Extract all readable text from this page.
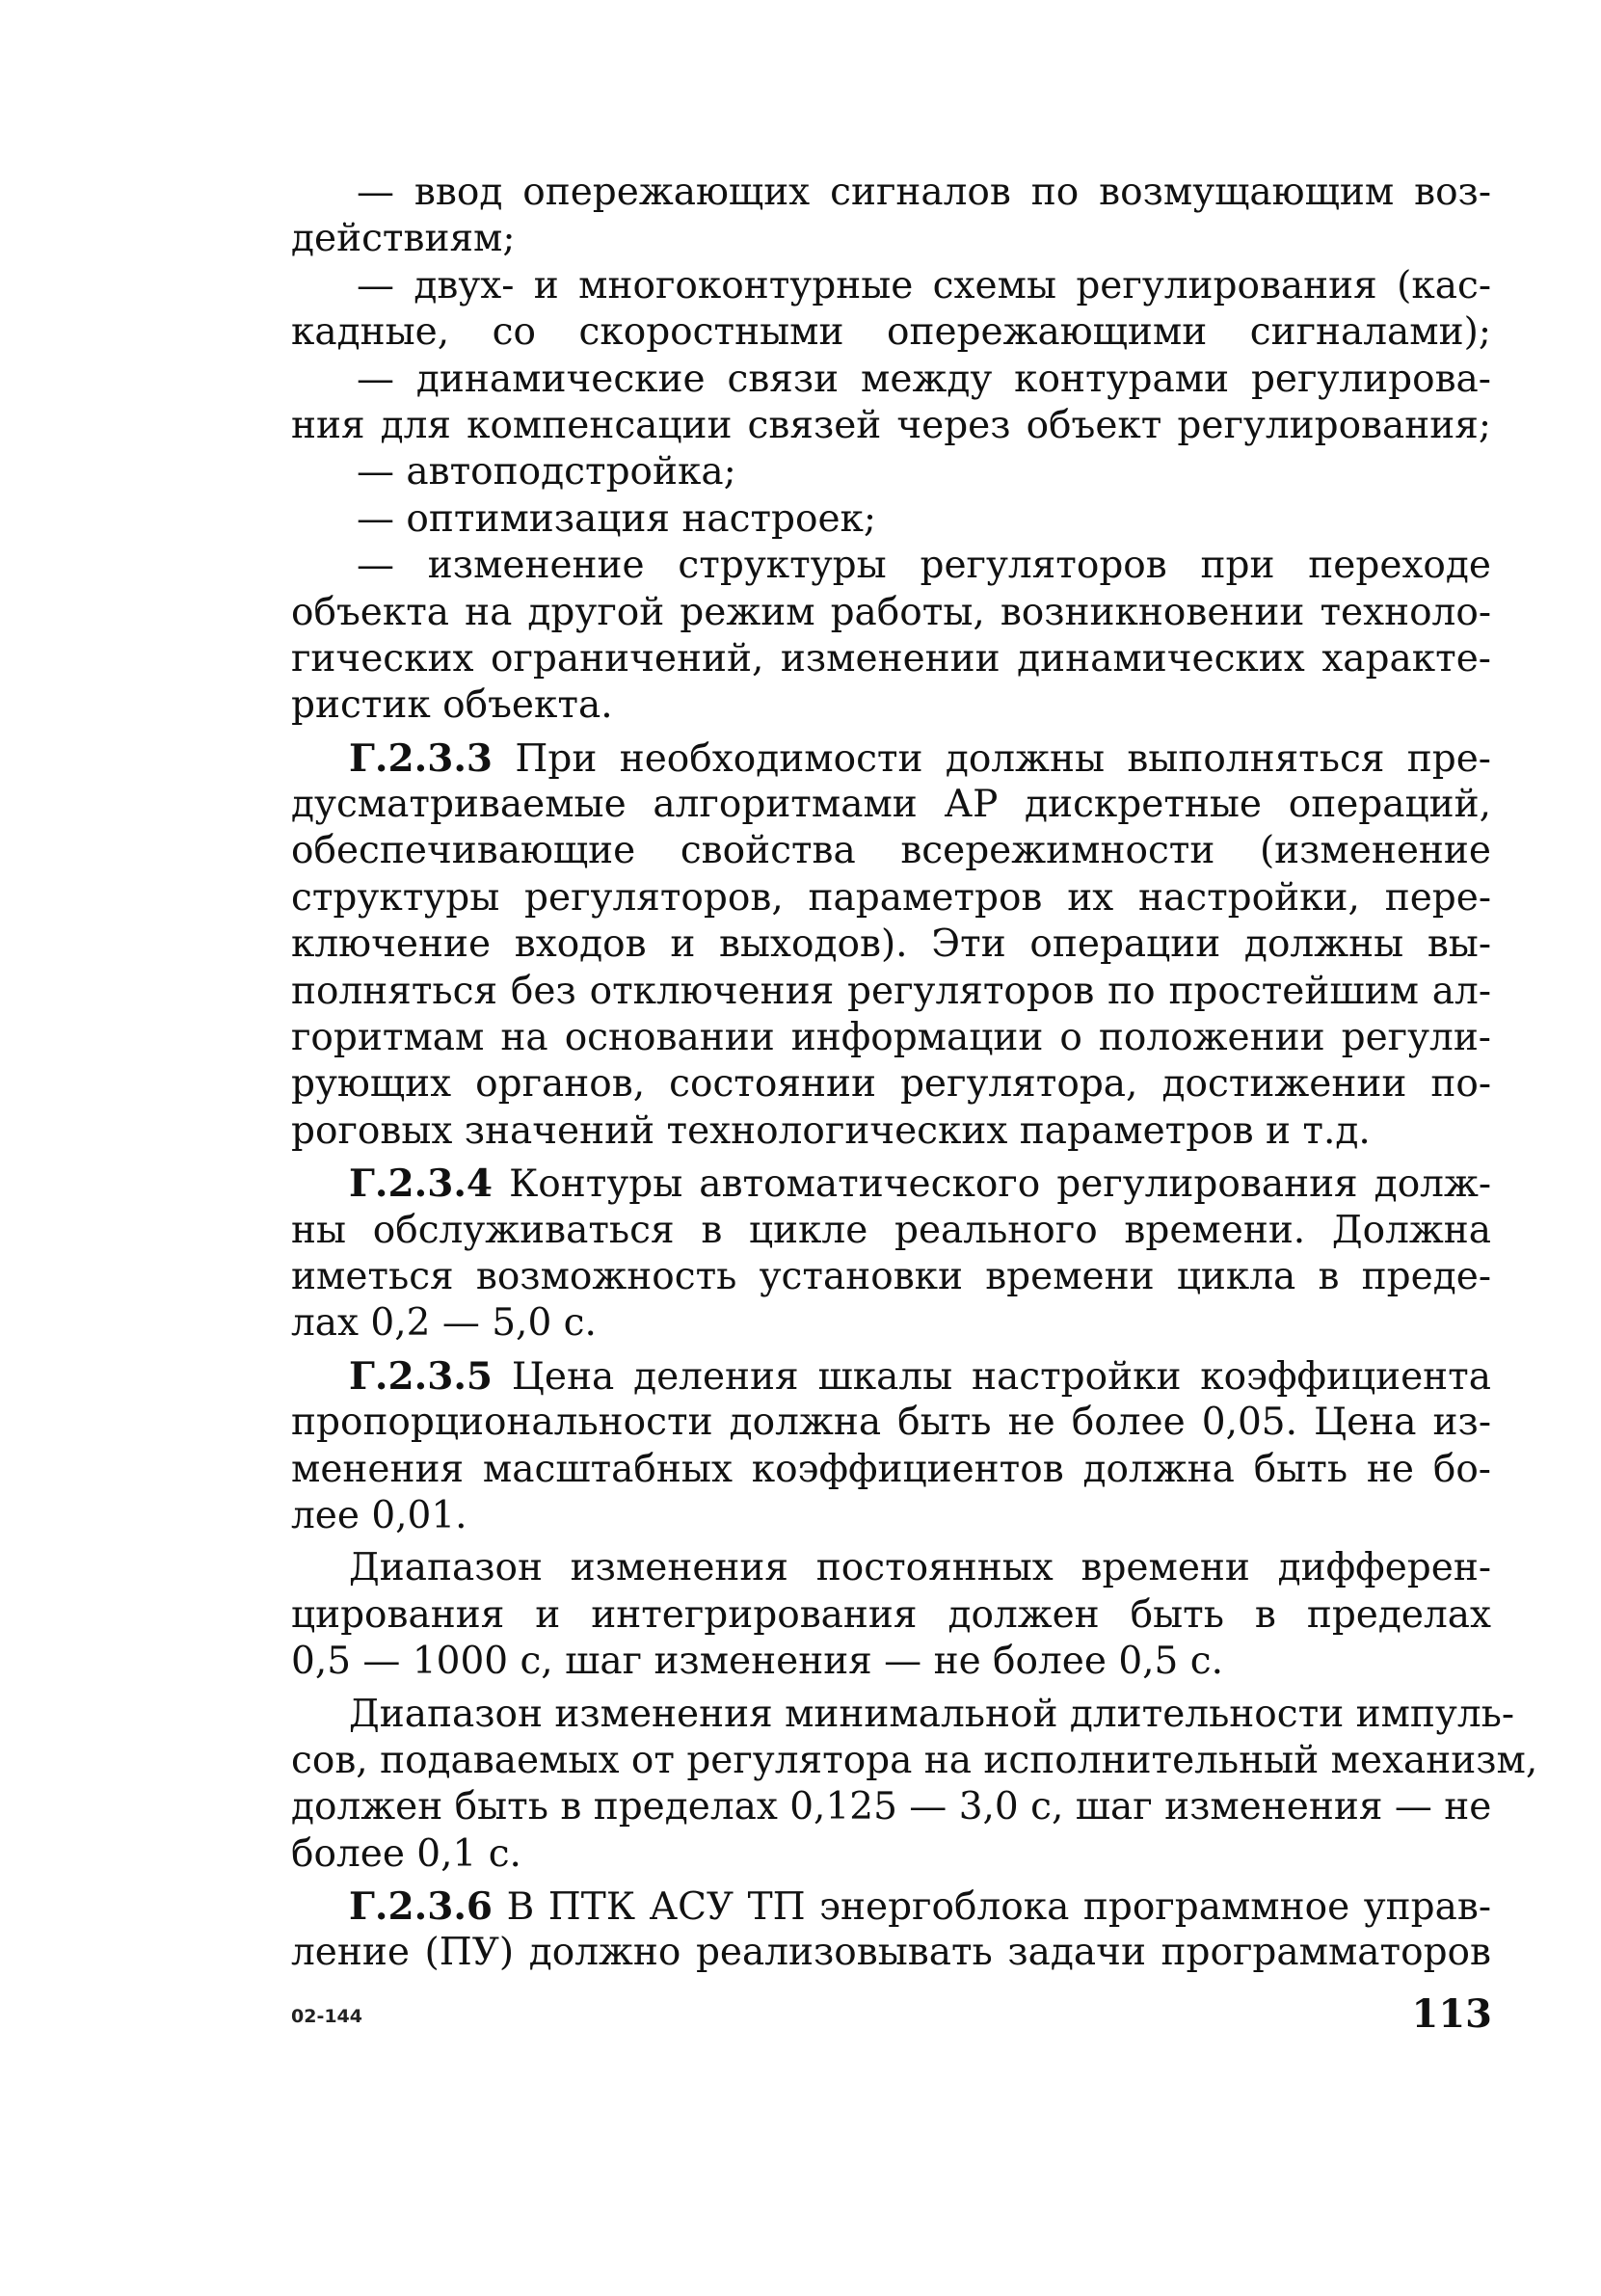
— ввод опережающих сигналов по возмущающим воз-
действиям;
— двух- и многоконтурные схемы регулирования (кас-
кадные, со скоростными опережающими сигналами);
— динамические связи между контурами регулирова-
ния для компенсации связей через объект регулирования;
— автоподстройка;
— оптимизация настроек;
— изменение структуры регуляторов при переходе
объекта на другой режим работы, возникновении техноло-
гических ограничений, изменении динамических характе-
ристик объекта.
Г.2.3.3 При необходимости должны выполняться пре-
дусматриваемые алгоритмами АР дискретные операций,
обеспечивающие свойства всережимности (изменение
структуры регуляторов, параметров их настройки, пере-
ключение входов и выходов). Эти операции должны вы-
полняться без отключения регуляторов по простейшим ал-
горитмам на основании информации о положении регули-
рующих органов, состоянии регулятора, достижении по-
роговых значений технологических параметров и т.д.
Г.2.3.4 Контуры автоматического регулирования долж-
ны обслуживаться в цикле реального времени. Должна
иметься возможность установки времени цикла в преде-
лах 0,2 — 5,0 с.
Г.2.3.5 Цена деления шкалы настройки коэффициента
пропорциональности должна быть не более 0,05. Цена из-
менения масштабных коэффициентов должна быть не бо-
лее 0,01.
Диапазон изменения постоянных времени дифферен-
цирования и интегрирования должен быть в пределах
0,5 — 1000 с, шаг изменения — не более 0,5 с.
Диапазон изменения минимальной длительности импуль-
сов, подаваемых от регулятора на исполнительный механизм,
должен быть в пределах 0,125 — 3,0 с, шаг изменения — не
более 0,1 с.
Г.2.3.6 В ПТК АСУ ТП энергоблока программное управ-
ление (ПУ) должно реализовывать задачи программаторов
02-144	113
